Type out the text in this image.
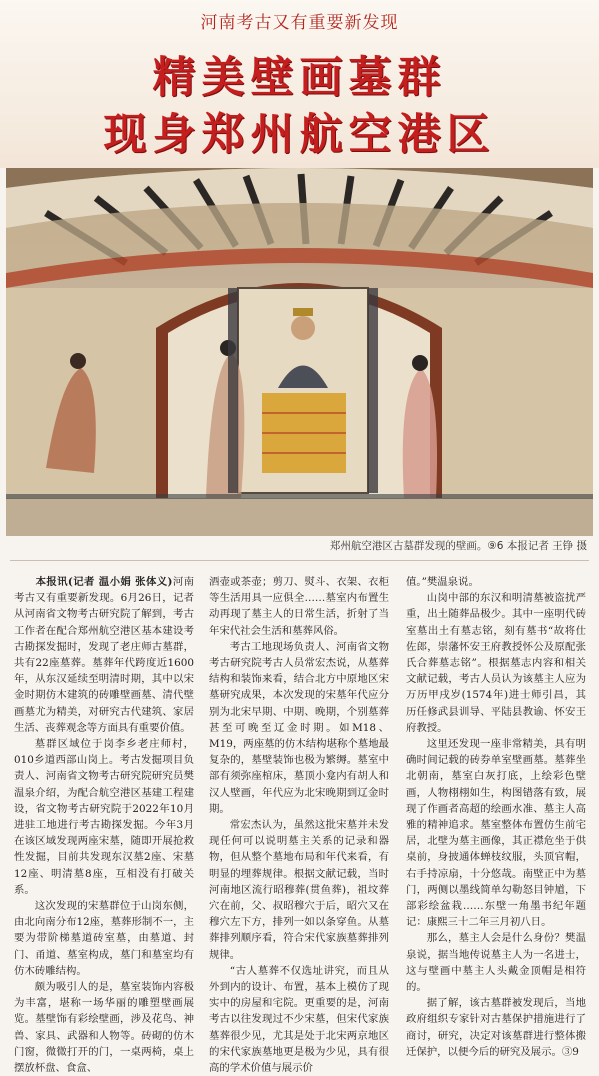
河南考古又有重要新发现
精美壁画墓群
现身郑州航空港区
郑州航空港区古墓群发现的壁画。⑨6 本报记者 王铮 摄

　　本报讯(记者 温小娟 张体义)河南考古又有重要新发现。6月26日，记者从河南省文物考古研究院了解到，考古工作者在配合郑州航空港区基本建设考古勘探发掘时，发现了老庄师古墓群，共有22座墓葬。墓葬年代跨度近1600年，从东汉延续至明清时期，其中以宋金时期仿木建筑的砖雕壁画墓、清代壁画墓尤为精美，对研究古代建筑、家居生活、丧葬观念等方面具有重要价值。

墓群区域位于岗李乡老庄师村，010乡道西部山岗上。考古发掘项目负责人、河南省文物考古研究院研究员樊温泉介绍，为配合航空港区基建工程建设，省文物考古研究院于2022年10月进驻工地进行考古勘探发掘。今年3月在该区域发现两座宋墓，随即开展抢救性发掘，目前共发现东汉墓2座、宋墓12座、明清墓8座，互相没有打破关系。

这次发现的宋墓群位于山岗东侧，由北向南分布12座，墓葬形制不一，主要为带阶梯墓道砖室墓，由墓道、封门、甬道、墓室构成，墓门和墓室均有仿木砖雕结构。

颇为吸引人的是，墓室装饰内容极为丰富，堪称一场华丽的雕塑壁画展览。墓壁饰有彩绘壁画，涉及花鸟、神兽、家具、武器和人物等。砖砌的仿木门窗，微微打开的门，一桌两椅，桌上摆放杯盘、食盒、

酒壶或茶壶；剪刀、熨斗、衣架、衣柜等生活用具一应俱全……墓室内布置生动再现了墓主人的日常生活，折射了当年宋代社会生活和墓葬风俗。

考古工地现场负责人、河南省文物考古研究院考古人员常宏杰说，从墓葬结构和装饰来看，结合北方中原地区宋墓研究成果，本次发现的宋墓年代应分别为北宋早期、中期、晚期，个别墓葬甚至可晚至辽金时期。如M18、M19，两座墓的仿木结构堪称个墓地最复杂的，墓壁装饰也极为繁缛。墓室中部有须弥座棺床，墓顶小龛内有胡人和汉人壁画，年代应为北宋晚期到辽金时期。

常宏杰认为，虽然这批宋墓并未发现任何可以说明墓主关系的记录和器物，但从整个墓地布局和年代来看，有明显的埋葬规律。根据文献记载，当时河南地区流行昭穆葬(贯鱼葬)，祖坟葬穴在前，父、叔昭穆穴于后，昭穴又在穆穴左下方，排列一如以条穿鱼。从墓葬排列顺序看，符合宋代家族墓葬排列规律。

“古人墓葬不仅选址讲究，而且从外到内的设计、布置，基本上模仿了现实中的房屋和宅院。更重要的是，河南考古以往发现过不少宋墓，但宋代家族墓葬很少见，尤其是处于北宋两京地区的宋代家族墓地更是极为少见，具有很高的学术价值与展示价

值。”樊温泉说。

山岗中部的东汉和明清墓被盗扰严重，出土随葬品极少。其中一座明代砖室墓出土有墓志铭，刻有墓书“故将仕佐郎，崇藩怀安王府教授怀公及原配张氏合葬墓志铭”。根据墓志内容和相关文献记载，考古人员认为该墓主人应为万历甲戌岁(1574年)进士师引昌，其历任修武县训导、平陆县教谕、怀安王府教授。

这里还发现一座非常精美，具有明确时间记载的砖券单室壁画墓。墓葬坐北朝南，墓室白灰打底，上绘彩色壁画，人物栩栩如生，构图错落有致，展现了作画者高超的绘画水准、墓主人高雅的精神追求。墓室整体布置仿生前宅居，北壁为墓主画像，其正襟危坐于供桌前，身披通体蝉枝纹服，头顶官帽，右手持凉扇，十分悠哉。南壁正中为墓门，两侧以墨线简单勾勒怒目钟馗，下部彩绘盆栽……东壁一角墨书纪年题记：康熙三十二年三月初八日。

那么，墓主人会是什么身份？樊温泉说，据当地传说墓主人为一名进士，这与壁画中墓主人头戴金顶帽是相符的。

据了解，该古墓群被发现后，当地政府组织专家针对古墓保护措施进行了商讨，研究，决定对该墓群进行整体搬迁保护，以便今后的研究及展示。③9
